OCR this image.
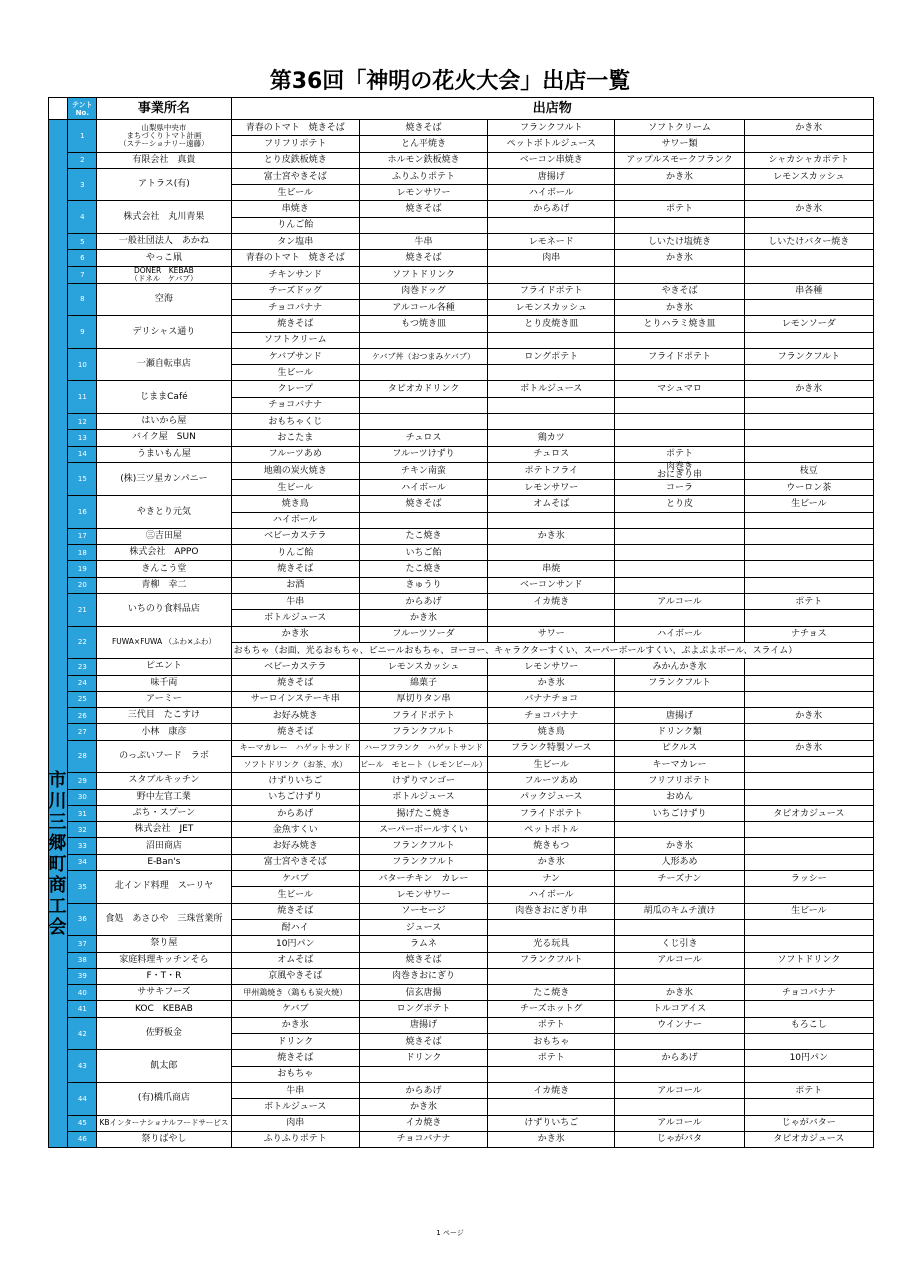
第36回「神明の花火大会」出店一覧
	テント
No.	事業所名	出店物				
市川三郷町商工会	1	山梨県中央市
まちづくりトマト計画
（ステーショナリー遠藤）	青春のトマト　焼きそば	焼きそば	フランクフルト	ソフトクリーム	かき氷
			フリフリポテト	とん平焼き	ペットボトルジュース	サワー類	
	2	有限会社　真貴	とり皮鉄板焼き	ホルモン鉄板焼き	ベーコン串焼き	アップルスモークフランク	シャカシャカポテト
	3	アトラス(有)	富士宮やきそば	ふりふりポテト	唐揚げ	かき氷	レモンスカッシュ
			生ビール	レモンサワー	ハイボール		
	4	株式会社　丸川青果	串焼き	焼きそば	からあげ	ポテト	かき氷
			りんご飴				
	5	一般社団法人　あかね	タン塩串	牛串	レモネード	しいたけ塩焼き	しいたけバター焼き
	6	やっこ凧	青春のトマト　焼きそば	焼きそば	肉串	かき氷	
	7	DONER　KEBAB
（ドネル　ケバブ）	チキンサンド	ソフトドリンク			
	8	空海	チーズドッグ	肉巻ドッグ	フライドポテト	やきそば	串各種
			チョコバナナ	アルコール各種	レモンスカッシュ	かき氷	
	9	デリシャス通り	焼きそば	もつ焼き皿	とり皮焼き皿	とりハラミ焼き皿	レモンソーダ
			ソフトクリーム				
	10	一瀬自転車店	ケバブサンド	ケバブ丼（おつまみケバブ）	ロングポテト	フライドポテト	フランクフルト
			生ビール				
	11	じままCafé	クレープ	タピオカドリンク	ボトルジュース	マシュマロ	かき氷
			チョコバナナ				
	12	はいから屋	おもちゃくじ				
	13	バイク屋　SUN	おこたま	チュロス	鶏カツ		
	14	うまいもん屋	フルーツあめ	フルーツけずり	チュロス	ポテト	
	15	(株)三ツ星カンパニー	地鶏の炭火焼き	チキン南蛮	ポテトフライ	肉巻き
おにぎり串	枝豆
			生ビール	ハイボール	レモンサワー	コーラ	ウーロン茶
	16	やきとり元気	焼き鳥	焼きそば	オムそば	とり皮	生ビール
			ハイボール				
	17	㊂吉田屋	ベビーカステラ	たこ焼き	かき氷		
	18	株式会社　APPO	りんご飴	いちご飴			
	19	きんこう堂	焼きそば	たこ焼き	串焼		
	20	青柳　幸二	お酒	きゅうり	ベーコンサンド		
	21	いちのり食料品店	牛串	からあげ	イカ焼き	アルコール	ポテト
			ボトルジュース	かき氷			
	22	FUWA×FUWA （ふわ×ふわ）	かき氷	フルーツソーダ	サワー	ハイボール	ナチョス
			おもちゃ（お面、光るおもちゃ、ビニールおもちゃ、ヨーヨー、キャラクターすくい、スーパーボールすくい、ぷよぷよボール、スライム）				
	23	ピエント	ベビーカステラ	レモンスカッシュ	レモンサワー	みかんかき氷	
	24	味千両	焼きそば	綿菓子	かき氷	フランクフルト	
	25	アーミー	サーロインステーキ串	厚切りタン串	バナナチョコ		
	26	三代目　たこすけ	お好み焼き	フライドポテト	チョコバナナ	唐揚げ	かき氷
	27	小林　康彦	焼きそば	フランクフルト	焼き鳥	ドリンク類	
	28	のっぷいフード　ラボ	キーマカレー　ハゲットサンド	ハーフフランク　ハゲットサンド	フランク特製ソース	ピクルス	かき氷
			ソフトドリンク（お茶、水）	ビール　モヒート（レモンビール）	生ビール	キーマカレー	
	29	スタブルキッチン	けずりいちご	けずりマンゴー	フルーツあめ	フリフリポテト	
	30	野中左官工業	いちごけずり	ボトルジュース	パックジュース	おめん	
	31	ぷち・スプーン	からあげ	揚げたこ焼き	フライドポテト	いちごけずり	タピオカジュース
	32	株式会社　JET	金魚すくい	スーパーボールすくい	ペットボトル		
	33	沼田商店	お好み焼き	フランクフルト	焼きもつ	かき氷	
	34	E-Ban's	富士宮やきそば	フランクフルト	かき氷	人形あめ	
	35	北インド料理　スーリヤ	ケバブ	バターチキン　カレー	ナン	チーズナン	ラッシー
			生ビール	レモンサワー	ハイボール		
	36	食処　あさひや　三珠営業所	焼きそば	ソーセージ	肉巻きおにぎり串	胡瓜のキムチ漬け	生ビール
			酎ハイ	ジュース			
	37	祭り屋	10円パン	ラムネ	光る玩具	くじ引き	
	38	家庭料理キッチンそら	オムそば	焼きそば	フランクフルト	アルコール	ソフトドリンク
	39	F・T・R	京風やきそば	肉巻きおにぎり			
	40	ササキフーズ	甲州鶏焼き（鶏もも炭火焼）	信玄唐揚	たこ焼き	かき氷	チョコバナナ
	41	KOC　KEBAB	ケバブ	ロングポテト	チーズホットグ	トルコアイス	
	42	佐野板金	かき氷	唐揚げ	ポテト	ウインナー	もろこし
			ドリンク	焼きそば	おもちゃ		
	43	飢太郎	焼きそば	ドリンク	ポテト	からあげ	10円パン
			おもちゃ				
	44	(有)橋爪商店	牛串	からあげ	イカ焼き	アルコール	ポテト
			ボトルジュース	かき氷			
	45	KBインターナショナルフードサービス	肉串	イカ焼き	けずりいちご	アルコール	じゃがバター
	46	祭りばやし	ふりふりポテト	チョコバナナ	かき氷	じゃがバタ	タピオカジュース

1 ページ
